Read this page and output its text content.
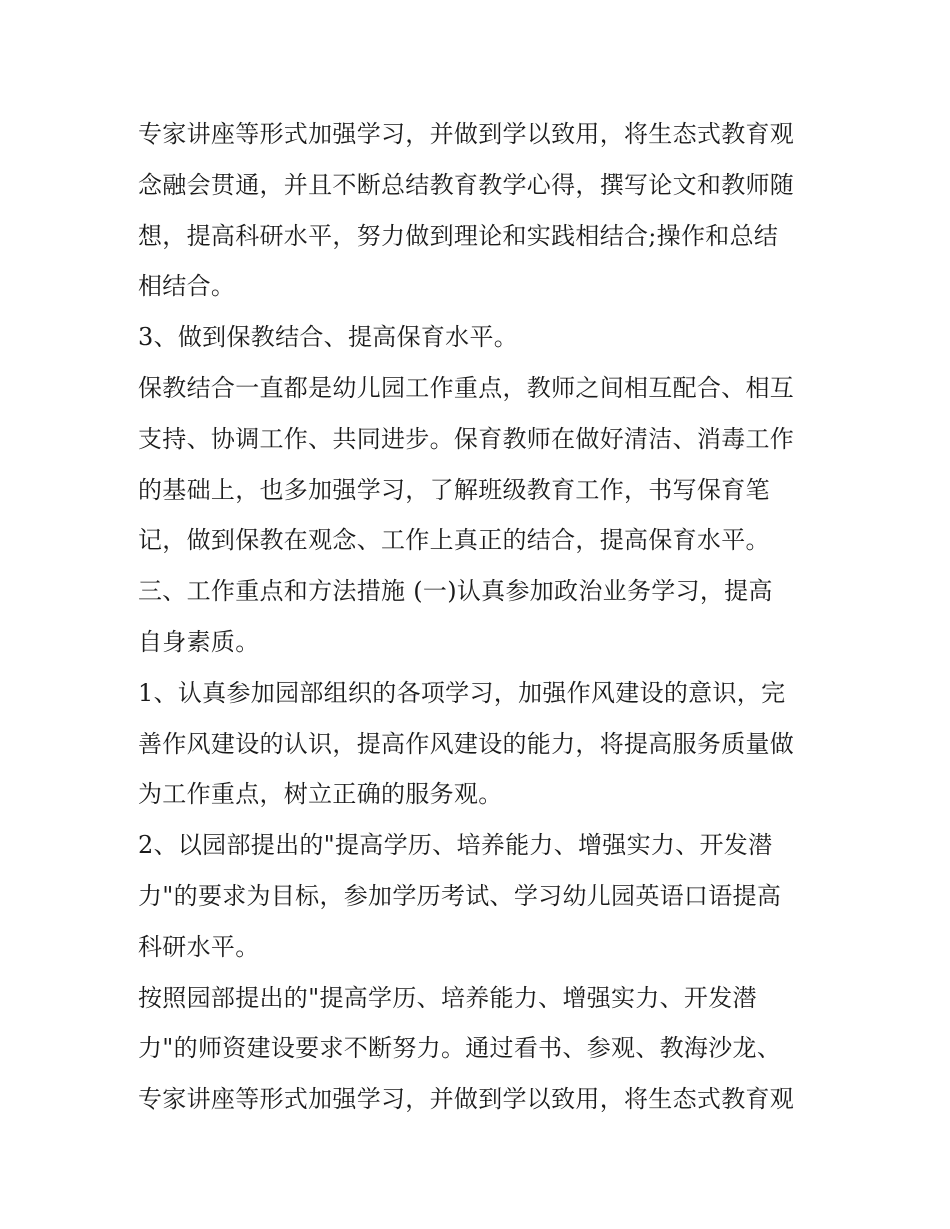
专家讲座等形式加强学习，并做到学以致用，将生态式教育观
念融会贯通，并且不断总结教育教学心得，撰写论文和教师随
想，提高科研水平，努力做到理论和实践相结合;操作和总结
相结合。
3、做到保教结合、提高保育水平。
保教结合一直都是幼儿园工作重点，教师之间相互配合、相互
支持、协调工作、共同进步。保育教师在做好清洁、消毒工作
的基础上，也多加强学习，了解班级教育工作，书写保育笔
记，做到保教在观念、工作上真正的结合，提高保育水平。
三、工作重点和方法措施 (一)认真参加政治业务学习，提高
自身素质。
1、认真参加园部组织的各项学习，加强作风建设的意识，完
善作风建设的认识，提高作风建设的能力，将提高服务质量做
为工作重点，树立正确的服务观。
2、以园部提出的"提高学历、培养能力、增强实力、开发潜
力"的要求为目标，参加学历考试、学习幼儿园英语口语提高
科研水平。
按照园部提出的"提高学历、培养能力、增强实力、开发潜
力"的师资建设要求不断努力。通过看书、参观、教海沙龙、
专家讲座等形式加强学习，并做到学以致用，将生态式教育观
